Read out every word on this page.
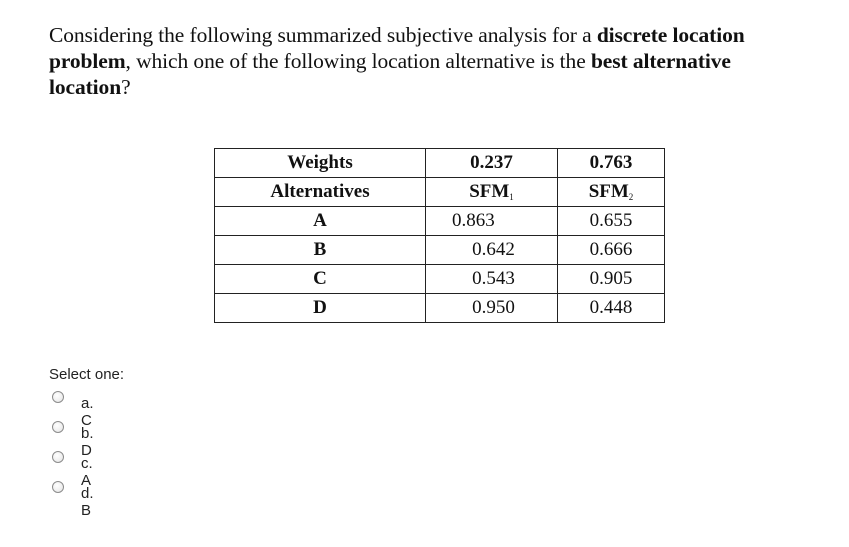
Considering the following summarized subjective analysis for a discrete location problem, which one of the following location alternative is the best alternative location?
Weights	0.237	0.763
Alternatives	$SFM_1$	$SFM_2$
A	0.863	0.655
B	0.642	0.666
C	0.543	0.905
D	0.950	0.448
Select one:
a. C
b. D
c. A
d. B
